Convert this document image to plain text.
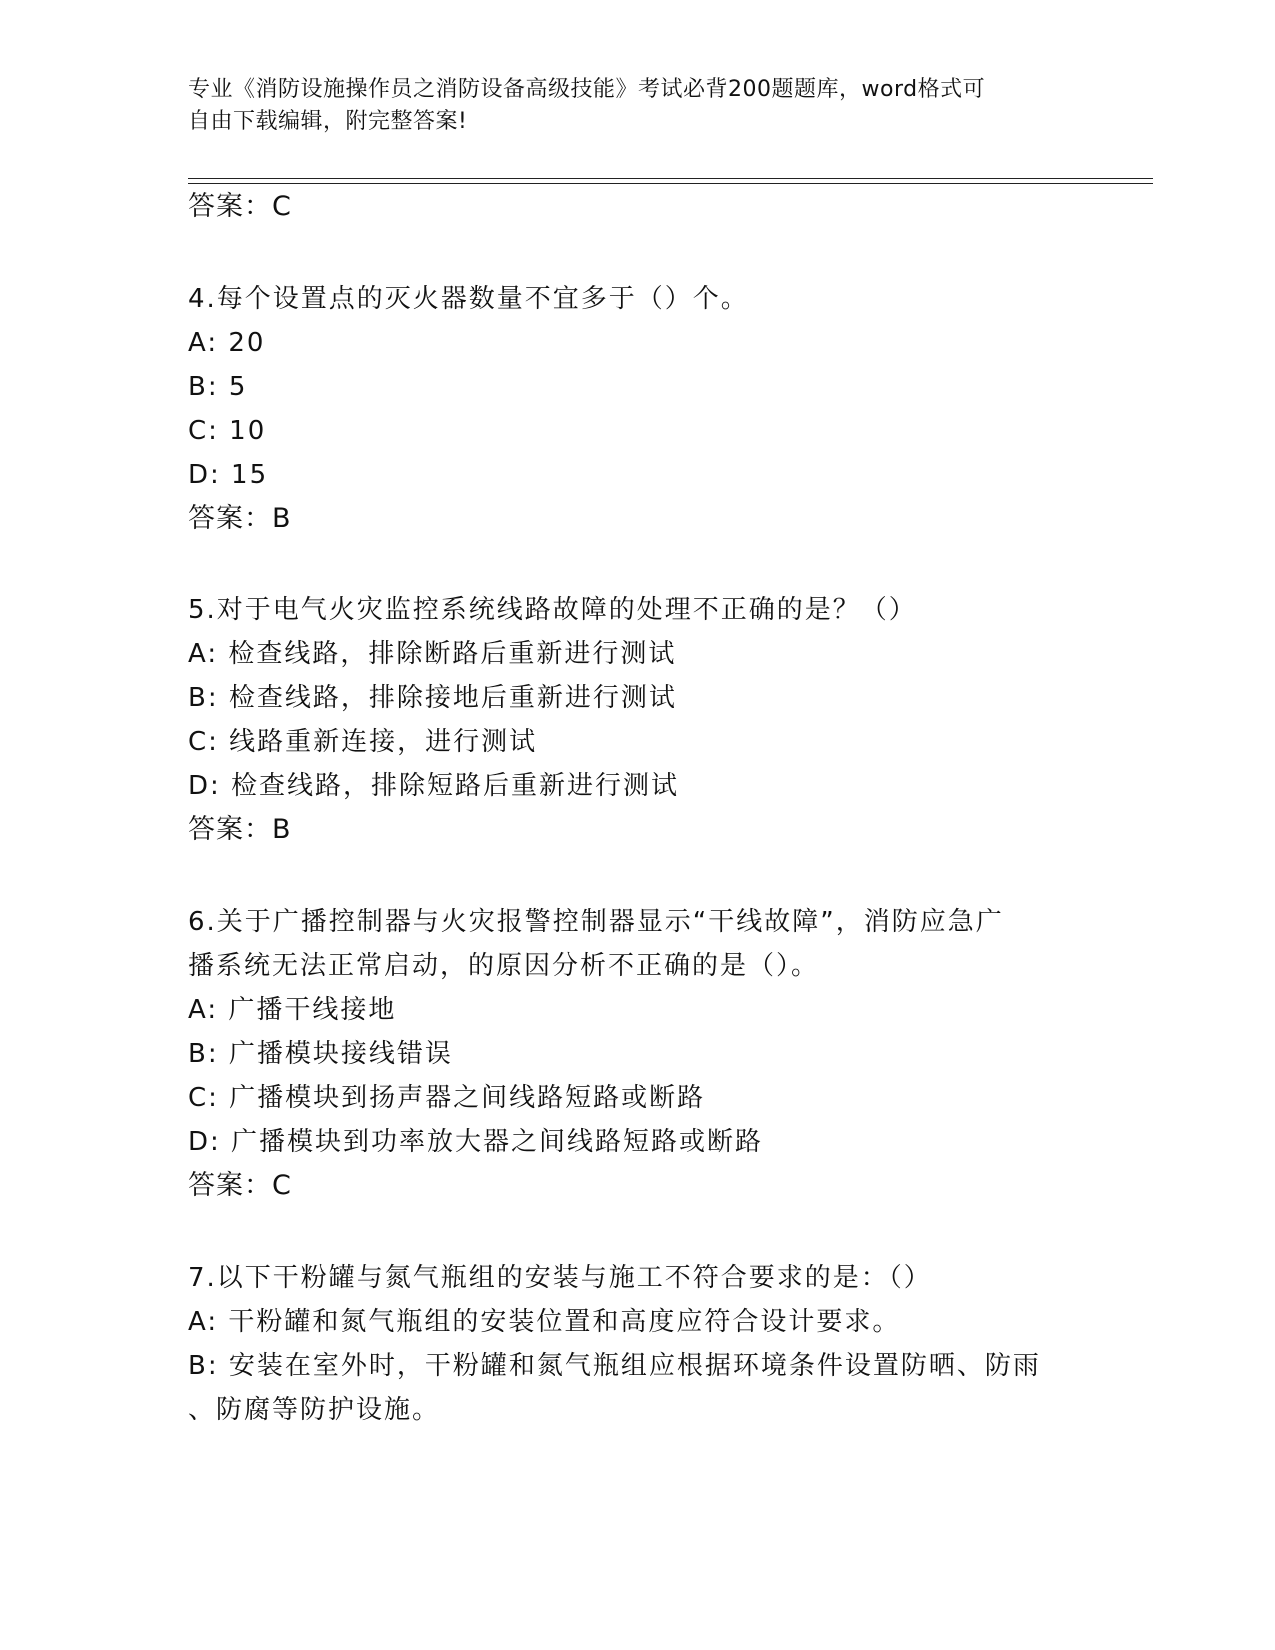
专业《消防设施操作员之消防设备高级技能》考试必背200题题库，word格式可
自由下载编辑，附完整答案!
答案：C
4.每个设置点的灭火器数量不宜多于（）个。
A: 20
B: 5
C: 10
D: 15
答案：B
5.对于电气火灾监控系统线路故障的处理不正确的是？（）
A: 检查线路，排除断路后重新进行测试
B: 检查线路，排除接地后重新进行测试
C: 线路重新连接，进行测试
D: 检查线路，排除短路后重新进行测试
答案：B
6.关于广播控制器与火灾报警控制器显示“干线故障”，消防应急广
播系统无法正常启动，的原因分析不正确的是（）。
A: 广播干线接地
B: 广播模块接线错误
C: 广播模块到扬声器之间线路短路或断路
D: 广播模块到功率放大器之间线路短路或断路
答案：C
7.以下干粉罐与氮气瓶组的安装与施工不符合要求的是：（）
A: 干粉罐和氮气瓶组的安装位置和高度应符合设计要求。
B: 安装在室外时，干粉罐和氮气瓶组应根据环境条件设置防晒、防雨
、防腐等防护设施。
